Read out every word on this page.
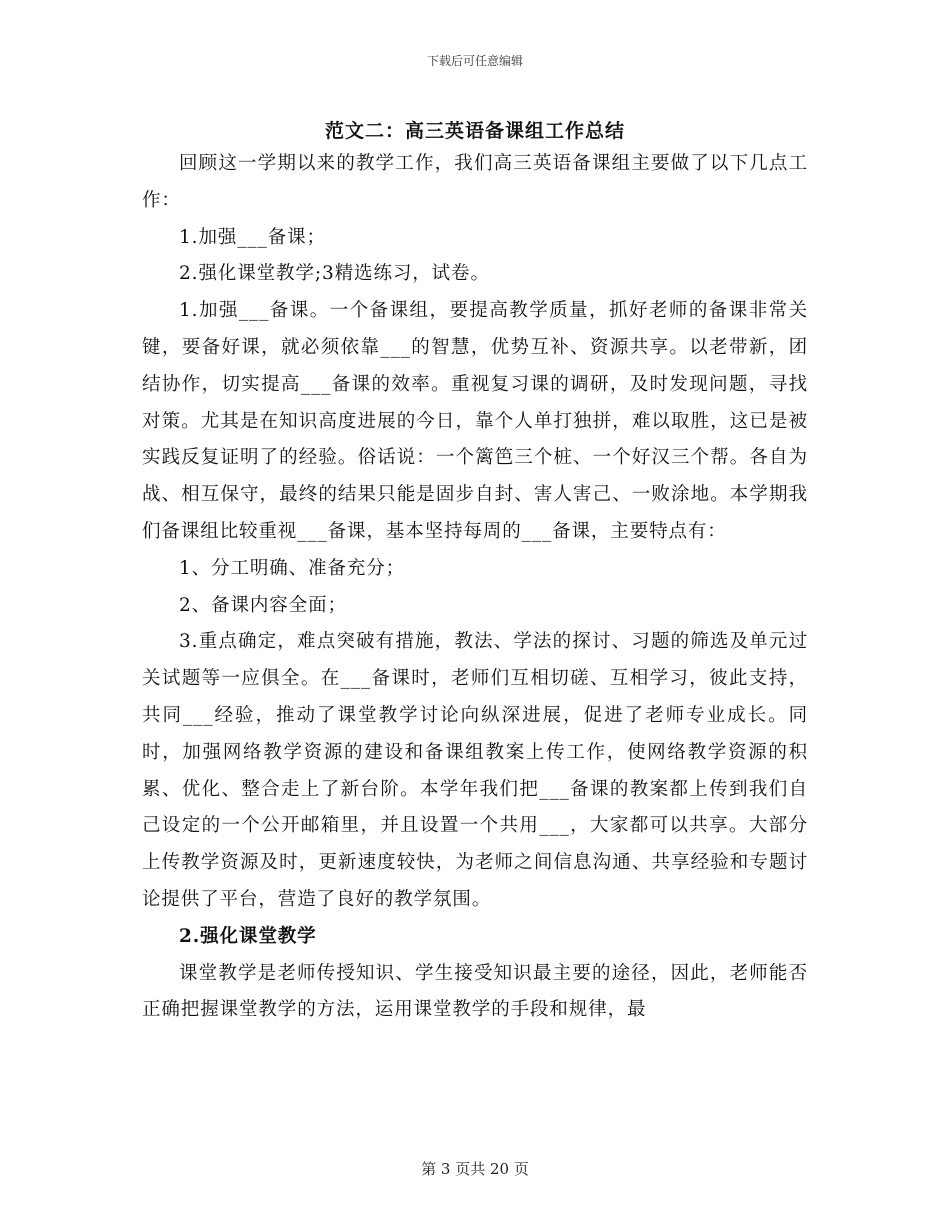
下载后可任意编辑
范文二：高三英语备课组工作总结

回顾这一学期以来的教学工作，我们高三英语备课组主要做了以下几点工作：

1.加强___备课；

2.强化课堂教学;3精选练习，试卷。

1.加强___备课。一个备课组，要提高教学质量，抓好老师的备课非常关键，要备好课，就必须依靠___的智慧，优势互补、资源共享。以老带新，团结协作，切实提高___备课的效率。重视复习课的调研，及时发现问题，寻找对策。尤其是在知识高度进展的今日，靠个人单打独拼，难以取胜，这已是被实践反复证明了的经验。俗话说：一个篱笆三个桩、一个好汉三个帮。各自为战、相互保守，最终的结果只能是固步自封、害人害己、一败涂地。本学期我们备课组比较重视___备课，基本坚持每周的___备课，主要特点有：

1、分工明确、准备充分；

2、备课内容全面；

3.重点确定，难点突破有措施，教法、学法的探讨、习题的筛选及单元过关试题等一应俱全。在___备课时，老师们互相切磋、互相学习，彼此支持，共同___经验，推动了课堂教学讨论向纵深进展，促进了老师专业成长。同时，加强网络教学资源的建设和备课组教案上传工作，使网络教学资源的积累、优化、整合走上了新台阶。本学年我们把___备课的教案都上传到我们自己设定的一个公开邮箱里，并且设置一个共用___，大家都可以共享。大部分上传教学资源及时，更新速度较快，为老师之间信息沟通、共享经验和专题讨论提供了平台，营造了良好的教学氛围。

2.强化课堂教学

课堂教学是老师传授知识、学生接受知识最主要的途径，因此，老师能否正确把握课堂教学的方法，运用课堂教学的手段和规律，最

第 3 页共 20 页
